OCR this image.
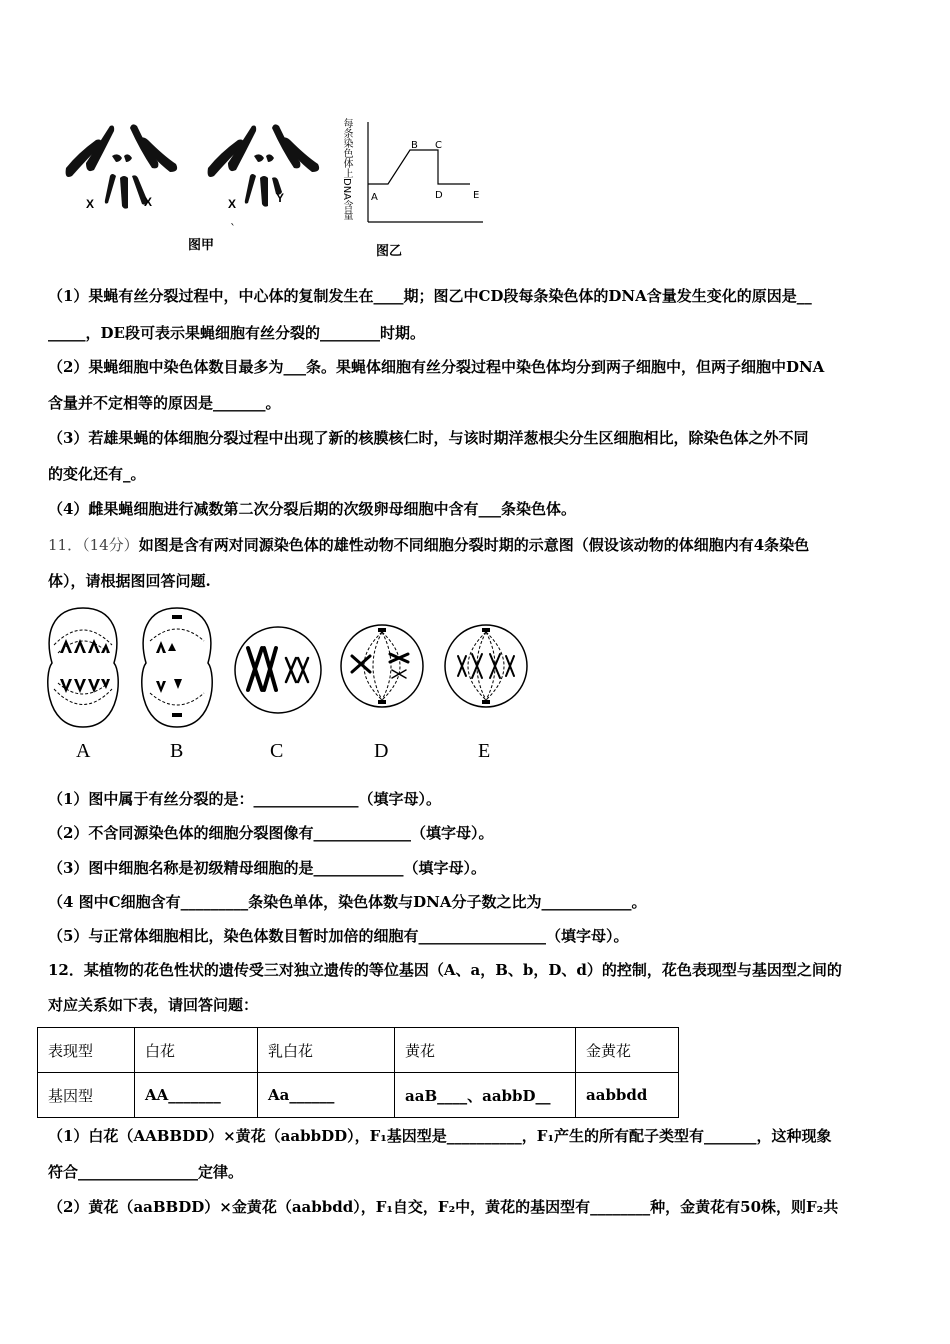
X	X	X	Y
图甲
ˋ
每条染色体上DNA含量 A
B C
D	E
图乙
（1）果蝇有丝分裂过程中，中心体的复制发生在____期；图乙中CD段每条染色体的DNA含量发生变化的原因是__
_____，DE段可表示果蝇细胞有丝分裂的________时期。
（2）果蝇细胞中染色体数目最多为___条。果蝇体细胞有丝分裂过程中染色体均分到两子细胞中，但两子细胞中DNA
含量并不定相等的原因是_______。
（3）若雄果蝇的体细胞分裂过程中出现了新的核膜核仁时，与该时期洋葱根尖分生区细胞相比，除染色体之外不同
的变化还有_。
（4）雌果蝇细胞进行减数第二次分裂后期的次级卵母细胞中含有___条染色体。
11．（14分）如图是含有两对同源染色体的雄性动物不同细胞分裂时期的示意图（假设该动物的体细胞内有4条染色
体），请根据图回答问题.
A	B	C	D	E
（1）图中属于有丝分裂的是：______________（填字母）。
（2）不含同源染色体的细胞分裂图像有_____________（填字母）。
（3）图中细胞名称是初级精母细胞的是____________（填字母）。
（4 图中C细胞含有_________条染色单体，染色体数与DNA分子数之比为____________。
（5）与正常体细胞相比，染色体数目暂时加倍的细胞有_________________（填字母）。
12．某植物的花色性状的遗传受三对独立遗传的等位基因（A、a，B、b，D、d）的控制，花色表现型与基因型之间的
对应关系如下表，请回答问题：
表现型	白花	乳白花	黄花	金黄花
基因型	AA_______	Aa______	aaB____、aabbD__	aabbdd
（1）白花（AABBDD）×黄花（aabbDD），F₁基因型是__________，F₁产生的所有配子类型有_______，这种现象
符合________________定律。
（2）黄花（aaBBDD）×金黄花（aabbdd），F₁自交，F₂中，黄花的基因型有________种，金黄花有50株，则F₂共
